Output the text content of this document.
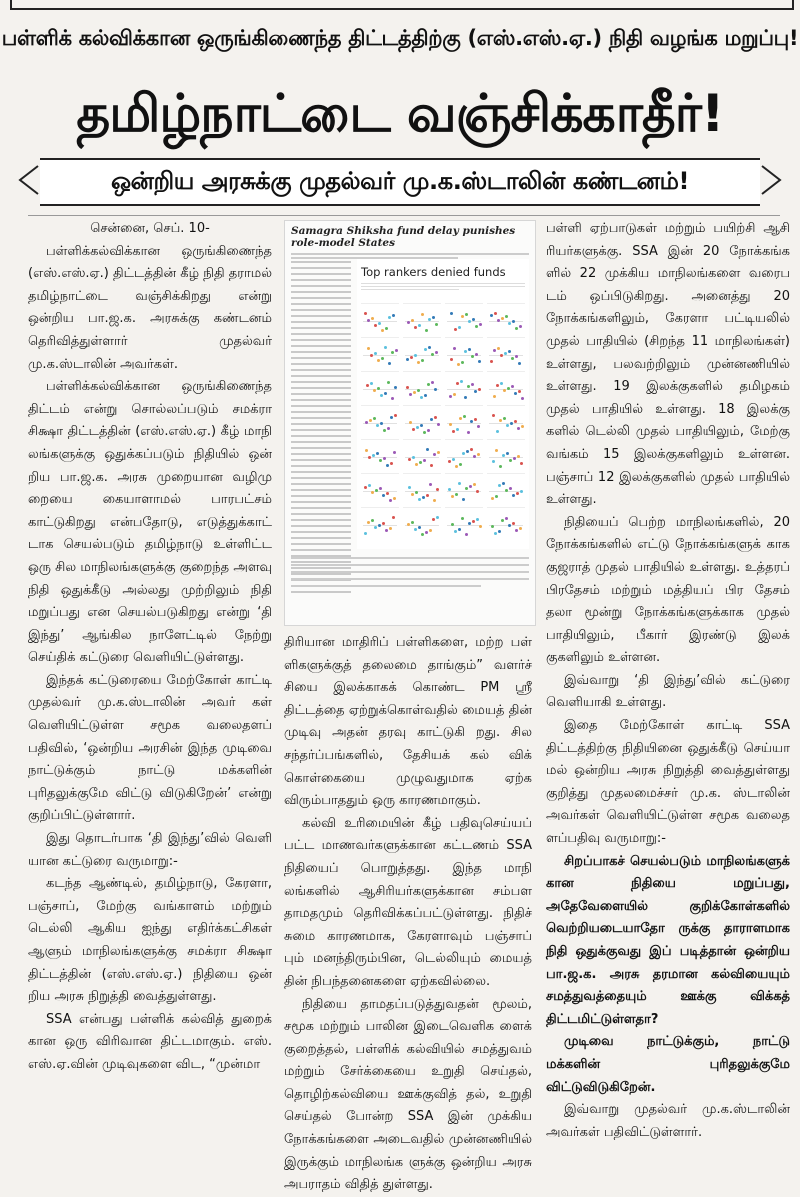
பள்ளிக் கல்விக்கான ஒருங்கிணைந்த திட்டத்திற்கு (எஸ்.எஸ்.ஏ.) நிதி வழங்க மறுப்பு!
தமிழ்நாட்டை வஞ்சிக்காதீர்!
ஒன்றிய அரசுக்கு முதல்வர் மு.க.ஸ்டாலின் கண்டனம்!

சென்னை, செப். 10-

பள்ளிக்கல்விக்கான ஒருங்கிணைந்த (எஸ்.எஸ்.ஏ.) திட்டத்தின் கீழ் நிதி தராமல் தமிழ்நாட்டை வஞ்சிக்கிறது என்று ஒன்றிய பா.ஜ.க. அரசுக்கு கண்டனம் தெரிவித்துள்ளார் முதல்வர் மு.க.ஸ்டாலின் அவர்கள்.

பள்ளிக்கல்விக்கான ஒருங்கிணைந்த திட்டம் என்று சொல்லப்படும் சமக்ரா சிக்ஷா திட்டத்தின் (எஸ்.எஸ்.ஏ.) கீழ் மாநி லங்களுக்கு ஒதுக்கப்படும் நிதியில் ஒன் றிய பா.ஜ.க. அரசு முறையான வழிமு றையை கையாளாமல் பாரபட்சம் காட்டுகிறது என்பதோடு, எடுத்துக்காட் டாக செயல்படும் தமிழ்நாடு உள்ளிட்ட ஒரு சில மாநிலங்களுக்கு குறைந்த அளவு நிதி ஒதுக்கீடு அல்லது முற்றிலும் நிதி மறுப்பது என செயல்படுகிறது என்று ‘தி இந்து’ ஆங்கில நாளேட்டில் நேற்று செய்திக் கட்டுரை வெளியிட்டுள்ளது.

இந்தக் கட்டுரையை மேற்கோள் காட்டி முதல்வர் மு.க.ஸ்டாலின் அவர் கள் வெளியிட்டுள்ள சமூக வலைதளப் பதிவில், ‘ஒன்றிய அரசின் இந்த முடிவை நாட்டுக்கும் நாட்டு மக்களின் புரிதலுக்குமே விட்டு விடுகிறேன்’ என்று குறிப்பிட்டுள்ளார்.

இது தொடர்பாக ‘தி இந்து’வில் வெளி யான கட்டுரை வருமாறு:-

கடந்த ஆண்டில், தமிழ்நாடு, கேரளா, பஞ்சாப், மேற்கு வங்காளம் மற்றும் டெல்லி ஆகிய ஐந்து எதிர்க்கட்சிகள் ஆளும் மாநிலங்களுக்கு சமக்ரா சிக்ஷா திட்டத்தின் (எஸ்.எஸ்.ஏ.) நிதியை ஒன் றிய அரசு நிறுத்தி வைத்துள்ளது.

SSA என்பது பள்ளிக் கல்வித் துறைக் கான ஒரு விரிவான திட்டமாகும். எஸ். எஸ்.ஏ.வின் முடிவுகளை விட, “முன்மா

Samagra Shiksha fund delay punishes role-model States
Top rankers denied funds

திரியான மாதிரிப் பள்ளிகளை, மற்ற பள் ளிகளுக்குத் தலைமை தாங்கும்” வளர்ச் சியை இலக்காகக் கொண்ட PM ஸ்ரீ திட்டத்தை ஏற்றுக்கொள்வதில் மையத் தின் முடிவு அதன் தரவு காட்டுகி றது. சில சந்தர்ப்பங்களில், தேசியக் கல் விக் கொள்கையை முழுவதுமாக ஏற்க விரும்பாததும் ஒரு காரணமாகும்.

கல்வி உரிமையின் கீழ் பதிவுசெய்யப் பட்ட மாணவர்களுக்கான கட்டணம் SSA நிதியைப் பொறுத்தது. இந்த மாநி லங்களில் ஆசிரியர்களுக்கான சம்பள தாமதமும் தெரிவிக்கப்பட்டுள்ளது. நிதிச் சுமை காரணமாக, கேரளாவும் பஞ்சாப் பும் மனந்திரும்பின, டெல்லியும் மையத் தின் நிபந்தனைகளை ஏற்கவில்லை.

நிதியை தாமதப்படுத்துவதன் மூலம், சமூக மற்றும் பாலின இடைவெளிக ளைக் குறைத்தல், பள்ளிக் கல்வியில் சமத்துவம் மற்றும் சேர்க்கையை உறுதி செய்தல், தொழிற்கல்வியை ஊக்குவித் தல், உறுதி செய்தல் போன்ற SSA இன் முக்கிய நோக்கங்களை அடைவதில் முன்னணியில் இருக்கும் மாநிலங்க ளுக்கு ஒன்றிய அரசு அபராதம் விதித் துள்ளது.

பள்ளி ஏற்பாடுகள் மற்றும் பயிற்சி ஆசி ரியர்களுக்கு. SSA இன் 20 நோக்கங்க ளில் 22 முக்கிய மாநிலங்களை வரைப டம் ஒப்பிடுகிறது. அனைத்து 20 நோக்கங்களிலும், கேரளா பட்டியலில் முதல் பாதியில் (சிறந்த 11 மாநிலங்கள்) உள்ளது, பலவற்றிலும் முன்னணியில் உள்ளது. 19 இலக்குகளில் தமிழகம் முதல் பாதியில் உள்ளது. 18 இலக்கு களில் டெல்லி முதல் பாதியிலும், மேற்கு வங்கம் 15 இலக்குகளிலும் உள்ளன. பஞ்சாப் 12 இலக்குகளில் முதல் பாதியில் உள்ளது.

நிதியைப் பெற்ற மாநிலங்களில், 20 நோக்கங்களில் எட்டு நோக்கங்களுக் காக குஜராத் முதல் பாதியில் உள்ளது. உத்தரப் பிரதேசம் மற்றும் மத்தியப் பிர தேசம் தலா மூன்று நோக்கங்களுக்காக முதல் பாதியிலும், பீகார் இரண்டு இலக் குகளிலும் உள்ளன.

இவ்வாறு ‘தி இந்து’வில் கட்டுரை வெளியாகி உள்ளது.

இதை மேற்கோள் காட்டி SSA திட்டத்திற்கு நிதியினை ஒதுக்கீடு செய்யா மல் ஒன்றிய அரசு நிறுத்தி வைத்துள்ளது குறித்து முதலமைச்சர் மு.க. ஸ்டாலின் அவர்கள் வெளியிட்டுள்ள சமூக வலைத ளப்பதிவு வருமாறு:-

சிறப்பாகச் செயல்படும் மாநிலங்களுக் கான நிதியை மறுப்பது, அதேவேளையில் குறிக்கோள்களில் வெற்றியடையாதோ ருக்கு தாராளமாக நிதி ஒதுக்குவது இப் படித்தான் ஒன்றிய பா.ஜ.க. அரசு தரமான கல்வியையும் சமத்துவத்தையும் ஊக்கு விக்கத் திட்டமிட்டுள்ளதா?

முடிவை நாட்டுக்கும், நாட்டு மக்களின் புரிதலுக்குமே விட்டுவிடுகிறேன்.

இவ்வாறு முதல்வர் மு.க.ஸ்டாலின் அவர்கள் பதிவிட்டுள்ளார்.
